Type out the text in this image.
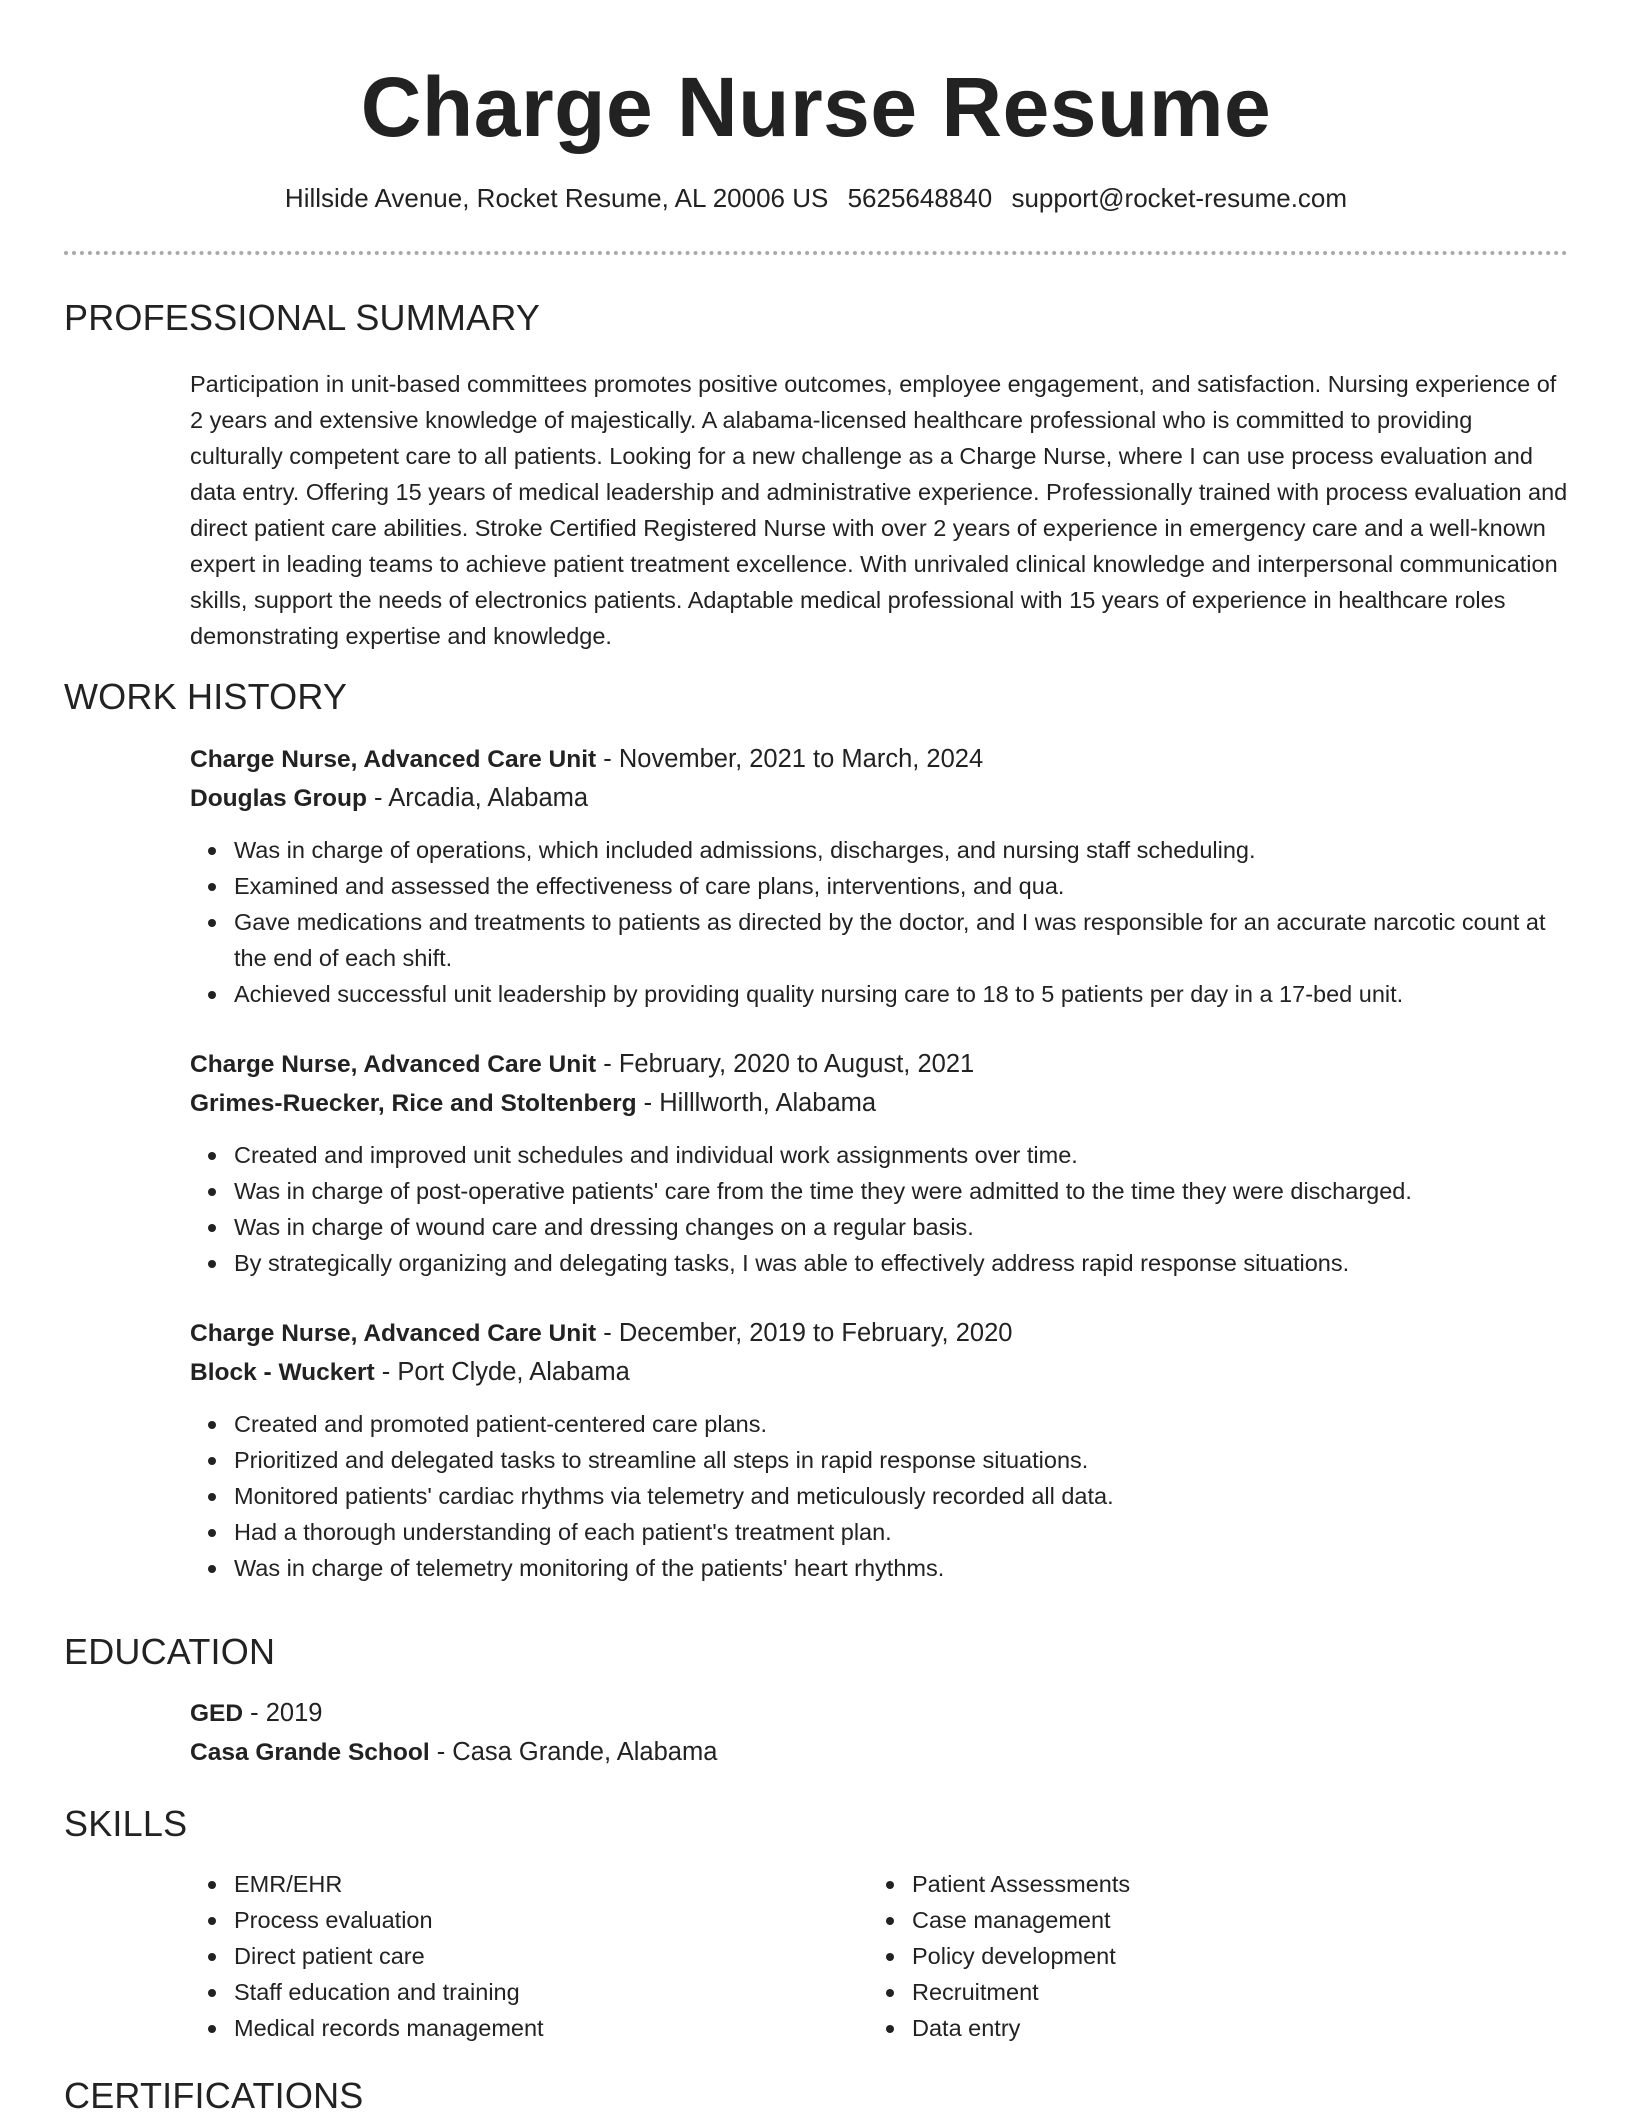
Charge Nurse Resume
Hillside Avenue, Rocket Resume, AL 20006 US 5625648840 support@rocket-resume.com
PROFESSIONAL SUMMARY
Participation in unit-based committees promotes positive outcomes, employee engagement, and satisfaction. Nursing experience of 2 years and extensive knowledge of majestically. A alabama-licensed healthcare professional who is committed to providing culturally competent care to all patients. Looking for a new challenge as a Charge Nurse, where I can use process evaluation and data entry. Offering 15 years of medical leadership and administrative experience. Professionally trained with process evaluation and direct patient care abilities. Stroke Certified Registered Nurse with over 2 years of experience in emergency care and a well-known expert in leading teams to achieve patient treatment excellence. With unrivaled clinical knowledge and interpersonal communication skills, support the needs of electronics patients. Adaptable medical professional with 15 years of experience in healthcare roles demonstrating expertise and knowledge.
WORK HISTORY
Charge Nurse, Advanced Care Unit - November, 2021 to March, 2024
Douglas Group - Arcadia, Alabama
Was in charge of operations, which included admissions, discharges, and nursing staff scheduling.
Examined and assessed the effectiveness of care plans, interventions, and qua.
Gave medications and treatments to patients as directed by the doctor, and I was responsible for an accurate narcotic count at the end of each shift.
Achieved successful unit leadership by providing quality nursing care to 18 to 5 patients per day in a 17-bed unit.
Charge Nurse, Advanced Care Unit - February, 2020 to August, 2021
Grimes-Ruecker, Rice and Stoltenberg - Hilllworth, Alabama
Created and improved unit schedules and individual work assignments over time.
Was in charge of post-operative patients' care from the time they were admitted to the time they were discharged.
Was in charge of wound care and dressing changes on a regular basis.
By strategically organizing and delegating tasks, I was able to effectively address rapid response situations.
Charge Nurse, Advanced Care Unit - December, 2019 to February, 2020
Block - Wuckert - Port Clyde, Alabama
Created and promoted patient-centered care plans.
Prioritized and delegated tasks to streamline all steps in rapid response situations.
Monitored patients' cardiac rhythms via telemetry and meticulously recorded all data.
Had a thorough understanding of each patient's treatment plan.
Was in charge of telemetry monitoring of the patients' heart rhythms.
EDUCATION
GED - 2019
Casa Grande School - Casa Grande, Alabama
SKILLS
EMR/EHR
Process evaluation
Direct patient care
Staff education and training
Medical records management
Patient Assessments
Case management
Policy development
Recruitment
Data entry
CERTIFICATIONS
